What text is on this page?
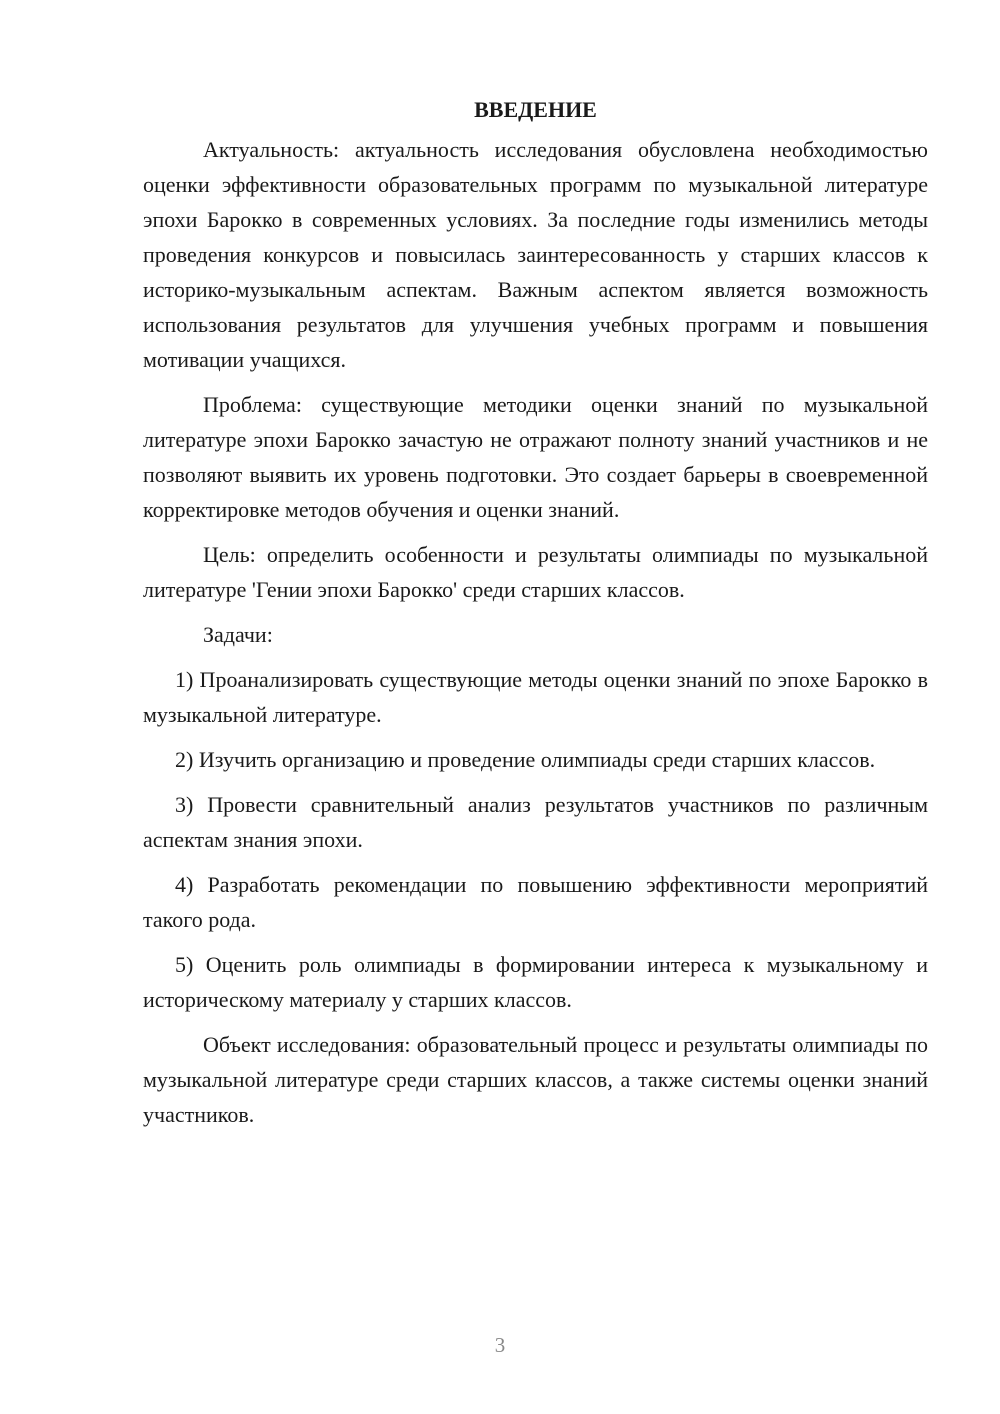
ВВЕДЕНИЕ

Актуальность: актуальность исследования обусловлена необходимостью оценки эффективности образовательных программ по музыкальной литературе эпохи Барокко в современных условиях. За последние годы изменились методы проведения конкурсов и повысилась заинтересованность у старших классов к историко-музыкальным аспектам. Важным аспектом является возможность использования результатов для улучшения учебных программ и повышения мотивации учащихся.

Проблема: существующие методики оценки знаний по музыкальной литературе эпохи Барокко зачастую не отражают полноту знаний участников и не позволяют выявить их уровень подготовки. Это создает барьеры в своевременной корректировке методов обучения и оценки знаний.

Цель: определить особенности и результаты олимпиады по музыкальной литературе 'Гении эпохи Барокко' среди старших классов.

Задачи:

1) Проанализировать существующие методы оценки знаний по эпохе Барокко в музыкальной литературе.

2) Изучить организацию и проведение олимпиады среди старших классов.

3) Провести сравнительный анализ результатов участников по различным аспектам знания эпохи.

4) Разработать рекомендации по повышению эффективности мероприятий такого рода.

5) Оценить роль олимпиады в формировании интереса к музыкальному и историческому материалу у старших классов.

Объект исследования: образовательный процесс и результаты олимпиады по музыкальной литературе среди старших классов, а также системы оценки знаний участников.

3
